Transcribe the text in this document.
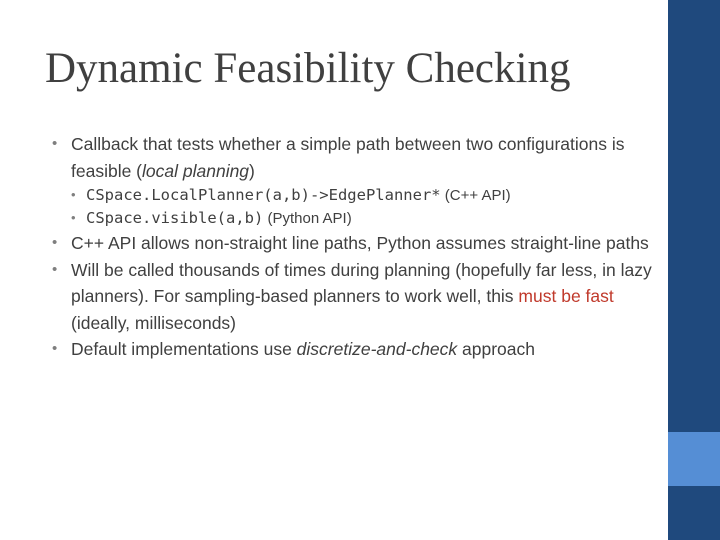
Dynamic Feasibility Checking
• Callback that tests whether a simple path between two configurations is feasible (local planning)
• CSpace.LocalPlanner(a,b)->EdgePlanner* (C++ API)
• CSpace.visible(a,b) (Python API)
• C++ API allows non-straight line paths, Python assumes straight-line paths
• Will be called thousands of times during planning (hopefully far less, in lazy planners). For sampling-based planners to work well, this must be fast (ideally, milliseconds)
• Default implementations use discretize-and-check approach
